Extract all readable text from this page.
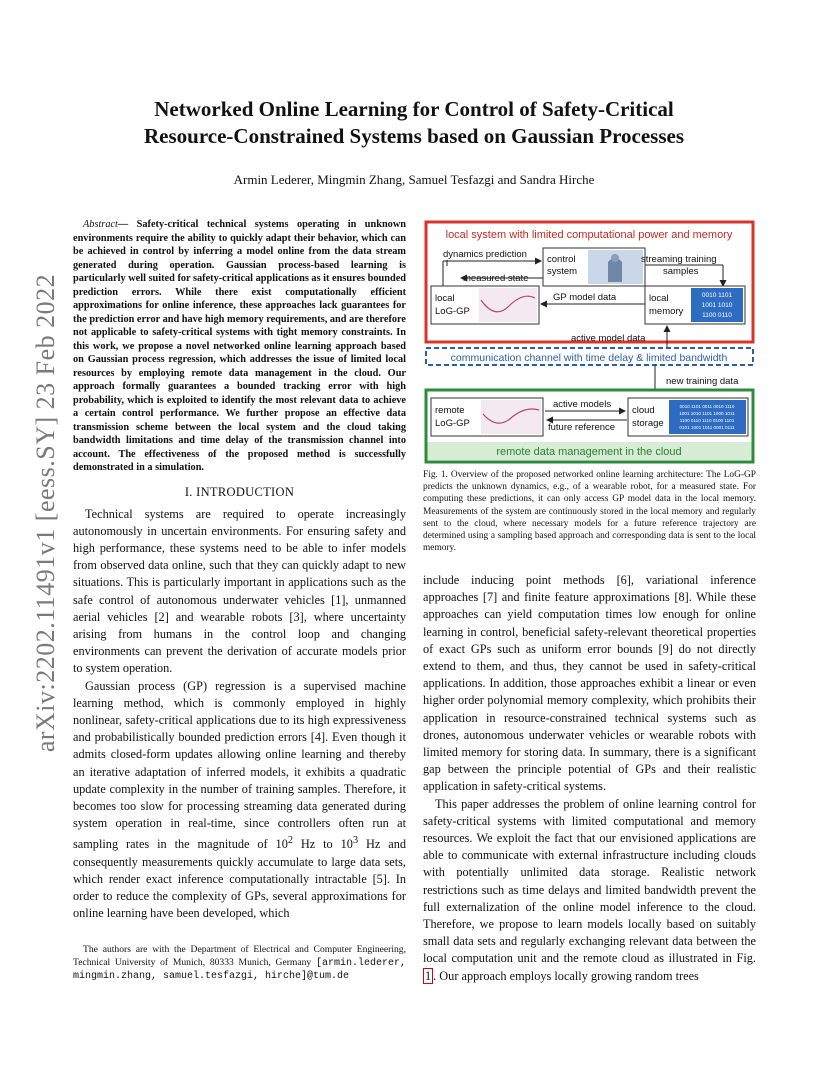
arXiv:2202.11491v1 [eess.SY] 23 Feb 2022
Networked Online Learning for Control of Safety-Critical
Resource-Constrained Systems based on Gaussian Processes
Armin Lederer, Mingmin Zhang, Samuel Tesfazgi and Sandra Hirche

Abstract— Safety-critical technical systems operating in unknown environments require the ability to quickly adapt their behavior, which can be achieved in control by inferring a model online from the data stream generated during operation. Gaussian process-based learning is particularly well suited for safety-critical applications as it ensures bounded prediction errors. While there exist computationally efficient approximations for online inference, these approaches lack guarantees for the prediction error and have high memory requirements, and are therefore not applicable to safety-critical systems with tight memory constraints. In this work, we propose a novel networked online learning approach based on Gaussian process regression, which addresses the issue of limited local resources by employing remote data management in the cloud. Our approach formally guarantees a bounded tracking error with high probability, which is exploited to identify the most relevant data to achieve a certain control performance. We further propose an effective data transmission scheme between the local system and the cloud taking bandwidth limitations and time delay of the transmission channel into account. The effectiveness of the proposed method is successfully demonstrated in a simulation.

I. INTRODUCTION

Technical systems are required to operate increasingly autonomously in uncertain environments. For ensuring safety and high performance, these systems need to be able to infer models from observed data online, such that they can quickly adapt to new situations. This is particularly important in applications such as the safe control of autonomous underwater vehicles [1], unmanned aerial vehicles [2] and wearable robots [3], where uncertainty arising from humans in the control loop and changing environments can prevent the derivation of accurate models prior to system operation.

Gaussian process (GP) regression is a supervised machine learning method, which is commonly employed in highly nonlinear, safety-critical applications due to its high expressiveness and probabilistically bounded prediction errors [4]. Even though it admits closed-form updates allowing online learning and thereby an iterative adaptation of inferred models, it exhibits a quadratic update complexity in the number of training samples. Therefore, it becomes too slow for processing streaming data generated during system operation in real-time, since controllers often run at sampling rates in the magnitude of $10^2$ Hz to $10^3$ Hz and consequently measurements quickly accumulate to large data sets, which render exact inference computationally intractable [5]. In order to reduce the complexity of GPs, several approximations for online learning have been developed, which

The authors are with the Department of Electrical and Computer Engineering, Technical University of Munich, 80333 Munich, Germany [armin.lederer, mingmin.zhang, samuel.tesfazgi, hirche]@tum.de
local system with limited computational power and memory
control
system
dynamics prediction
measured state
streaming training
samples
local
LoG-GP
GP model data	0010 1101
1001 1010
1100 0110
local
memory
active model data
communication channel with time delay & limited bandwidth
new training data
remote data management in the cloud
remote
LoG-GP
active models
future reference
0010 1101 0011 0010 1110
1001 1010 1101 1000 1011
1100 0110 1110 0100 1101
0101 1001 1011 0001 0111
cloud
storage
Fig. 1. Overview of the proposed networked online learning architecture: The LoG-GP predicts the unknown dynamics, e.g., of a wearable robot, for a measured state. For computing these predictions, it can only access GP model data in the local memory. Measurements of the system are continuously stored in the local memory and regularly sent to the cloud, where necessary models for a future reference trajectory are determined using a sampling based approach and corresponding data is sent to the local memory.

include inducing point methods [6], variational inference approaches [7] and finite feature approximations [8]. While these approaches can yield computation times low enough for online learning in control, beneficial safety-relevant theoretical properties of exact GPs such as uniform error bounds [9] do not directly extend to them, and thus, they cannot be used in safety-critical applications. In addition, those approaches exhibit a linear or even higher order polynomial memory complexity, which prohibits their application in resource-constrained technical systems such as drones, autonomous underwater vehicles or wearable robots with limited memory for storing data. In summary, there is a significant gap between the principle potential of GPs and their realistic application in safety-critical systems.

This paper addresses the problem of online learning control for safety-critical systems with limited computational and memory resources. We exploit the fact that our envisioned applications are able to communicate with external infrastructure including clouds with potentially unlimited data storage. Realistic network restrictions such as time delays and limited bandwidth prevent the full externalization of the online model inference to the cloud. Therefore, we propose to learn models locally based on suitably small data sets and regularly exchanging relevant data between the local computation unit and the remote cloud as illustrated in Fig. 1 . Our approach employs locally growing random trees
